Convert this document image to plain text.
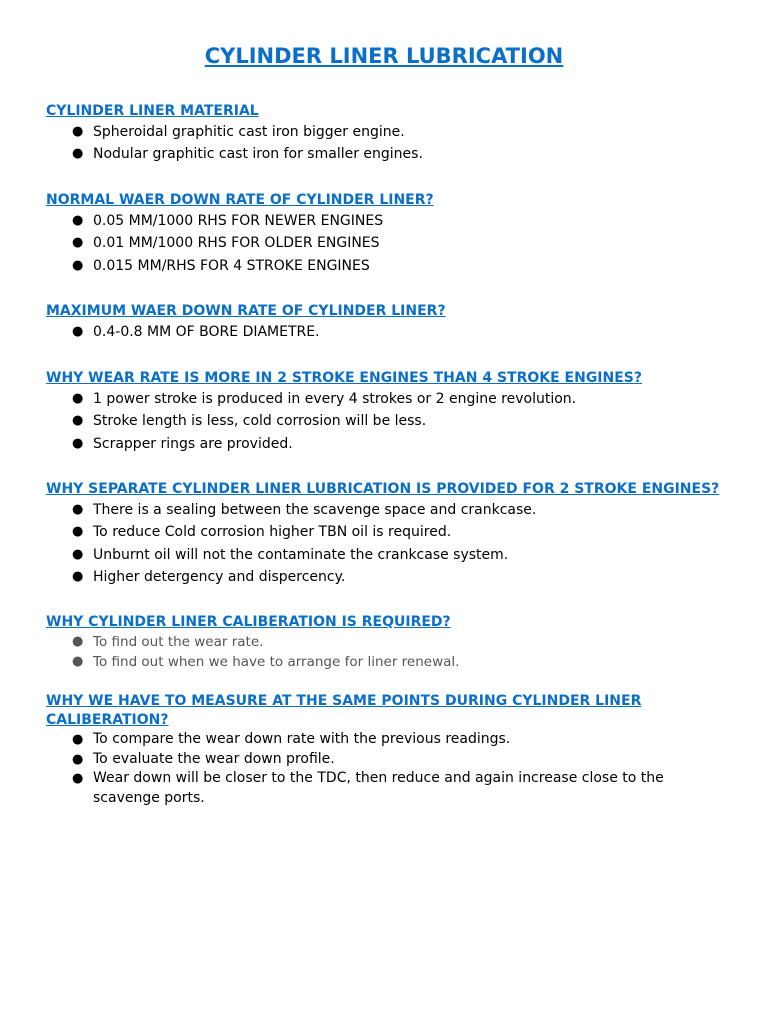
CYLINDER LINER LUBRICATION
CYLINDER LINER MATERIAL
● Spheroidal graphitic cast iron bigger engine.
● Nodular graphitic cast iron for smaller engines.
NORMAL WAER DOWN RATE OF CYLINDER LINER?
● 0.05 MM/1000 RHS FOR NEWER ENGINES
● 0.01 MM/1000 RHS FOR OLDER ENGINES
● 0.015 MM/RHS FOR 4 STROKE ENGINES
MAXIMUM WAER DOWN RATE OF CYLINDER LINER?
● 0.4-0.8 MM OF BORE DIAMETRE.
WHY WEAR RATE IS MORE IN 2 STROKE ENGINES THAN 4 STROKE ENGINES?
● 1 power stroke is produced in every 4 strokes or 2 engine revolution.
● Stroke length is less, cold corrosion will be less.
● Scrapper rings are provided.
WHY SEPARATE CYLINDER LINER LUBRICATION IS PROVIDED FOR 2 STROKE ENGINES?
● There is a sealing between the scavenge space and crankcase.
● To reduce Cold corrosion higher TBN oil is required.
● Unburnt oil will not the contaminate the crankcase system.
● Higher detergency and dispercency.
WHY CYLINDER LINER CALIBERATION IS REQUIRED?
● To find out the wear rate.
● To find out when we have to arrange for liner renewal.
WHY WE HAVE TO MEASURE AT THE SAME POINTS DURING CYLINDER LINER CALIBERATION?
● To compare the wear down rate with the previous readings.
● To evaluate the wear down profile.
● Wear down will be closer to the TDC, then reduce and again increase close to the scavenge ports.
